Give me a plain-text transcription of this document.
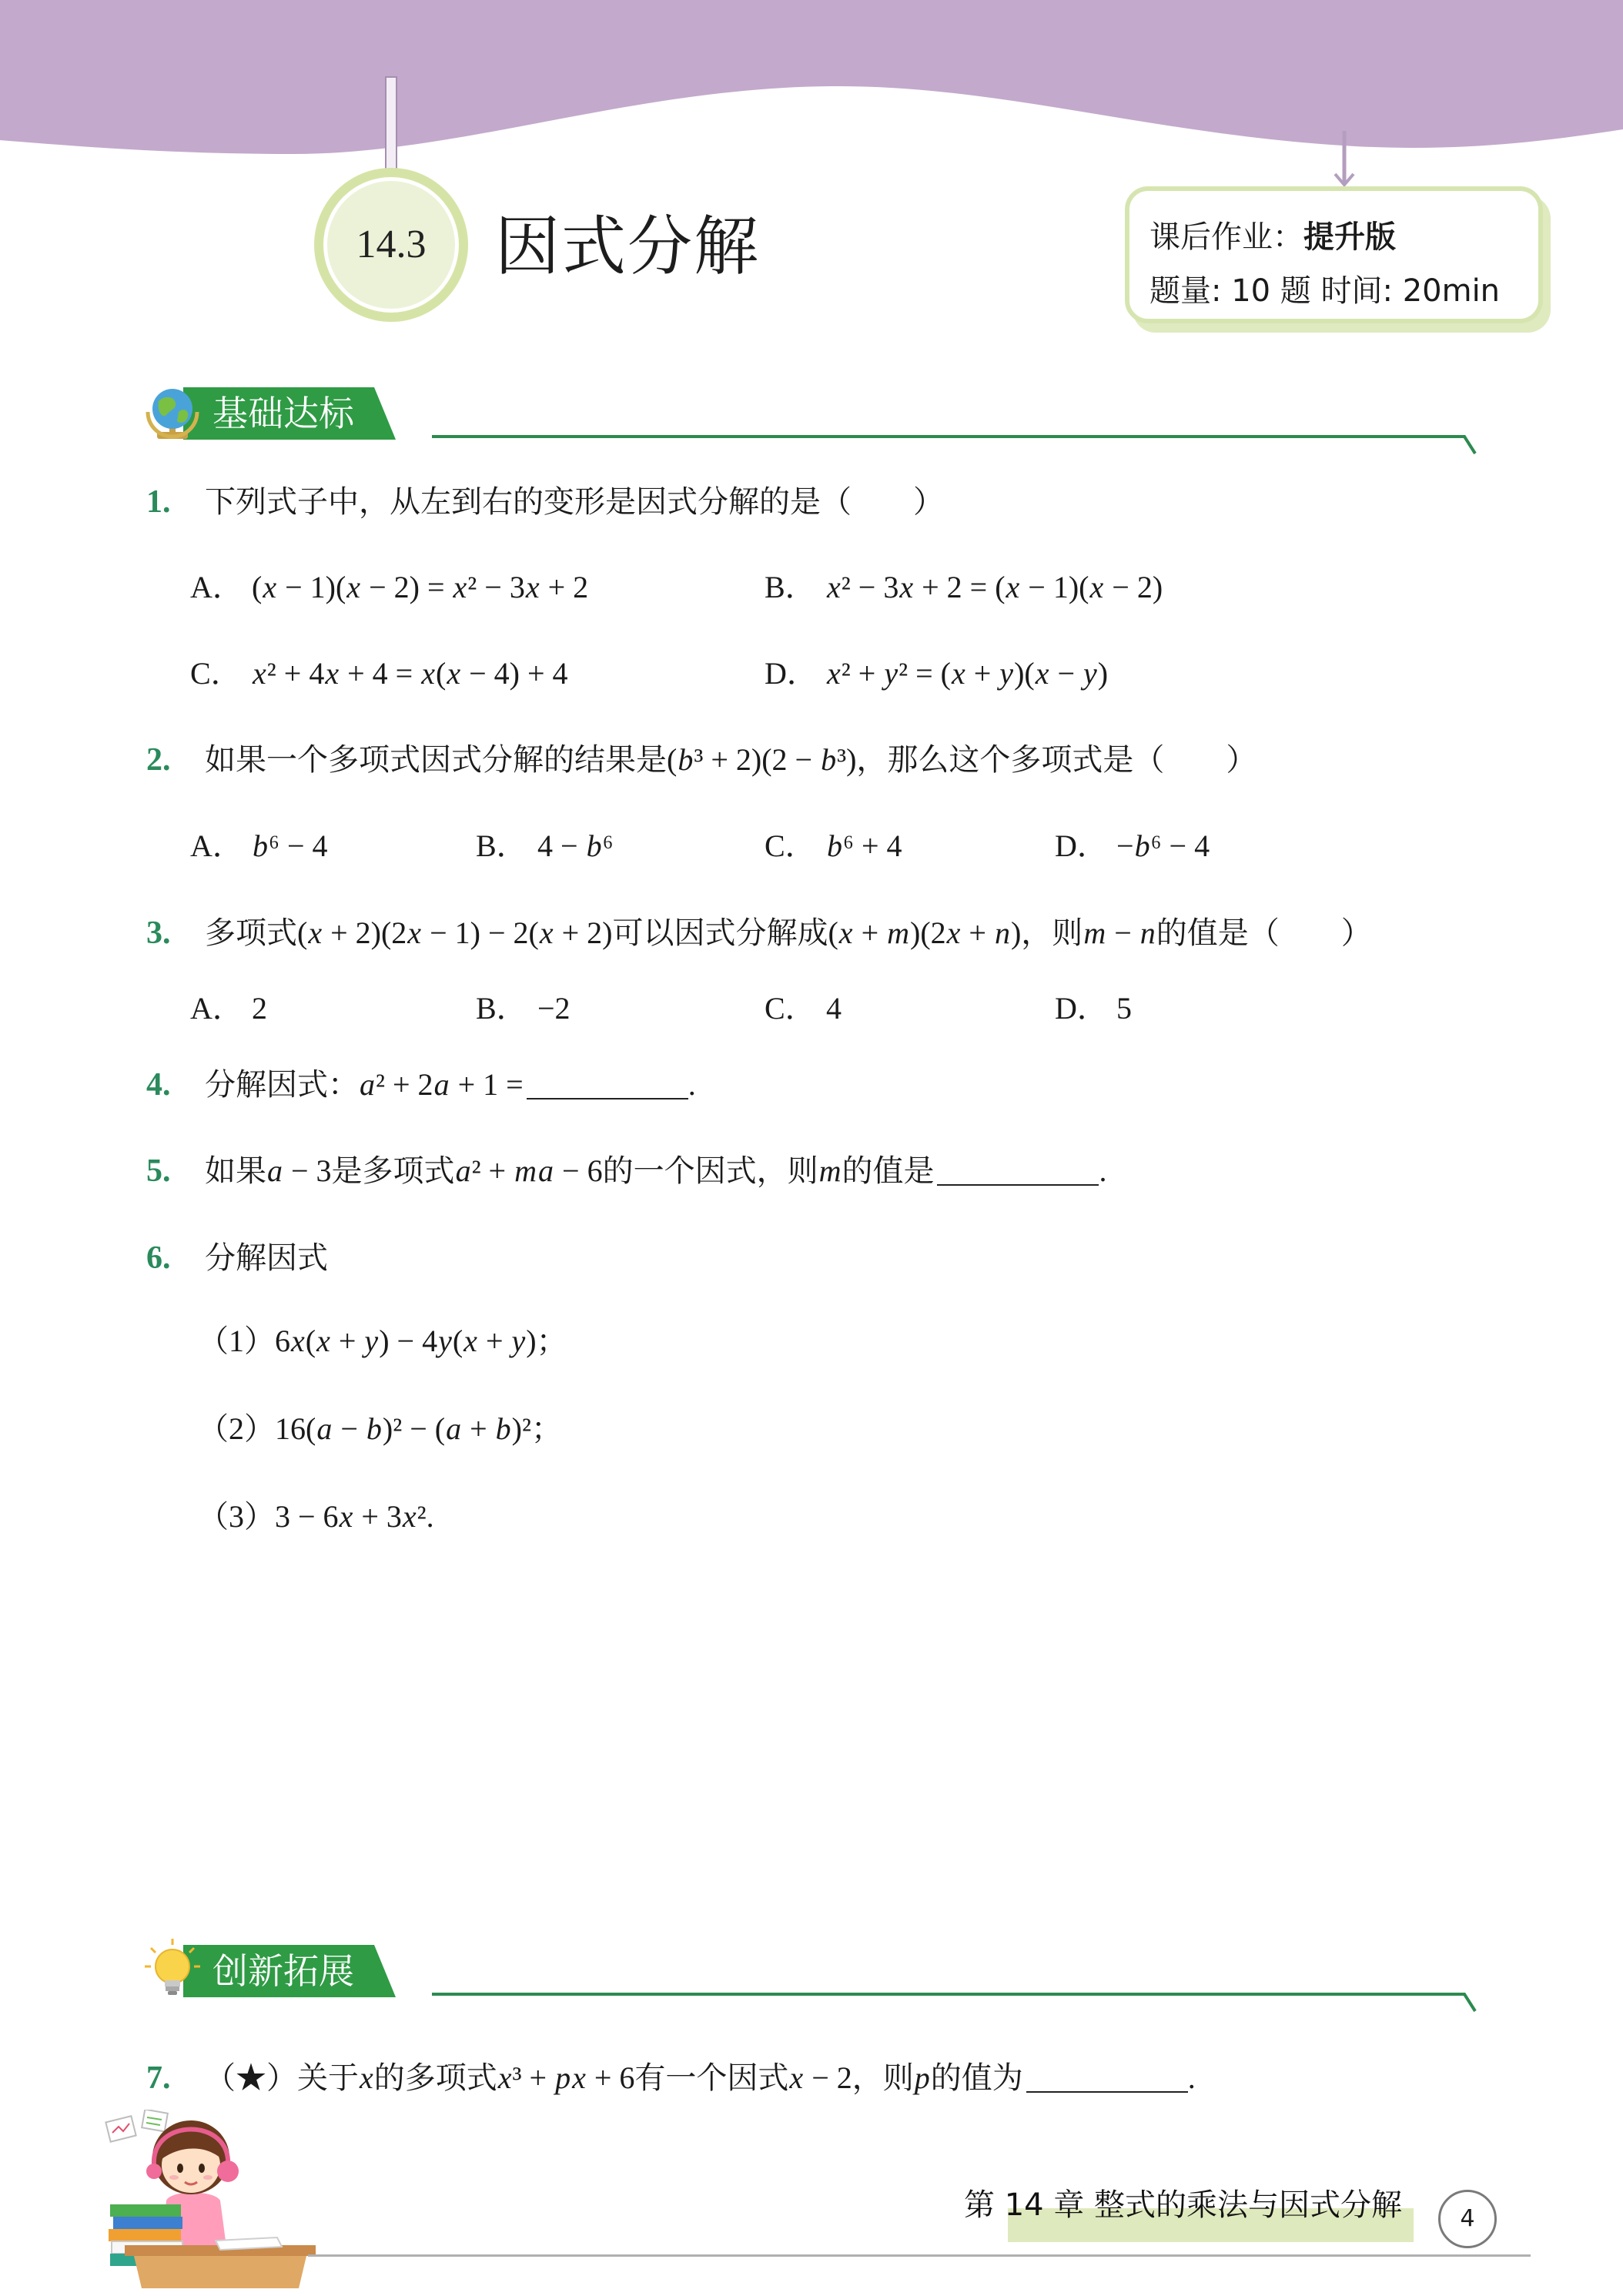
14.3	因式分解	课后作业：提升版
题量: 10 题 时间: 20min
基础达标
1. 下列式子中，从左到右的变形是因式分解的是（　　）
A． (x − 1)(x − 2) = x² − 3x + 2	B． x² − 3x + 2 = (x − 1)(x − 2)
C． x² + 4x + 4 = x(x − 4) + 4	D． x² + y² = (x + y)(x − y)
2. 如果一个多项式因式分解的结果是(b³ + 2)(2 − b³)，那么这个多项式是（　　）
A． b⁶ − 4	B． 4 − b⁶	C． b⁶ + 4	D． −b⁶ − 4
3. 多项式(x + 2)(2x − 1) − 2(x + 2)可以因式分解成(x + m)(2x + n)，则m − n的值是（　　）
A． 2	B． −2	C． 4	D． 5
4. 分解因式：a² + 2a + 1 =	.
5. 如果a − 3是多项式a² + ma − 6的一个因式，则m的值是	.
6. 分解因式
（1）6x(x + y) − 4y(x + y)；
（2）16(a − b)² − (a + b)²；
（3）3 − 6x + 3x².
创新拓展
7. （★）关于x的多项式x³ + px + 6有一个因式x − 2，则p的值为	.
第 14 章 整式的乘法与因式分解	4
